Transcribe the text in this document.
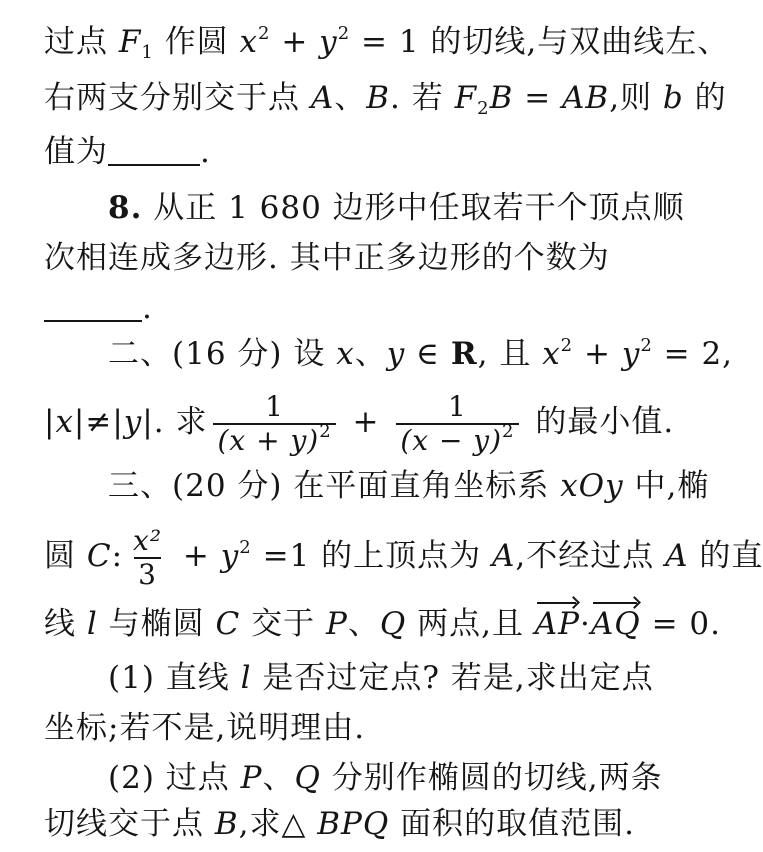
过点 $F_1$ 作圆 $x^2 + y^2 = 1$ 的切线,与双曲线左、
右两支分别交于点 A、B. 若 $F_2B$ = AB,则 b 的
值为	.
8. 从正 1 680 边形中任取若干个顶点顺
次相连成多边形. 其中正多边形的个数为
.
二、(16 分) 设 x、y ∈ R, 且 $x^2 + y^2 = 2$,
|x|≠|y|. 求 $\frac{1}{(x + y)^2} + \frac{1}{(x - y)^2}$ 的最小值.
三、(20 分) 在平面直角坐标系 xOy 中,椭
圆 C: $\frac{\text{x²}}{3} + y^2 =1$ 的上顶点为 A,不经过点 A 的直
线 l 与椭圆 C 交于 P、Q 两点,且 AP·AQ = 0.
(1) 直线 l 是否过定点? 若是,求出定点
坐标;若不是,说明理由.
(2) 过点 P、Q 分别作椭圆的切线,两条
切线交于点 B,求△ BPQ 面积的取值范围.
